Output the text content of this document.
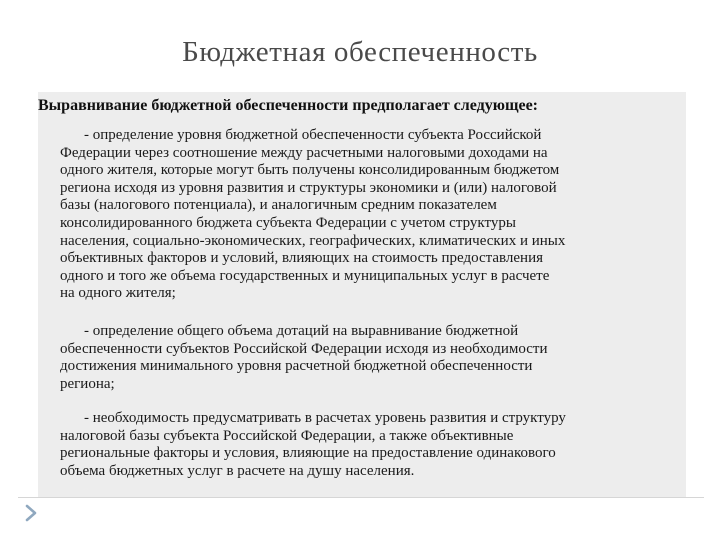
Бюджетная обеспеченность
Выравнивание бюджетной обеспеченности предполагает следующее:
- определение уровня бюджетной обеспеченности субъекта Российской
Федерации через соотношение между расчетными налоговыми доходами на
одного жителя, которые могут быть получены консолидированным бюджетом
региона исходя из уровня развития и структуры экономики и (или) налоговой
базы (налогового потенциала), и аналогичным средним показателем
консолидированного бюджета субъекта Федерации с учетом структуры
населения, социально-экономических, географических, климатических и иных
объективных факторов и условий, влияющих на стоимость предоставления
одного и того же объема государственных и муниципальных услуг в расчете
на одного жителя;
- определение общего объема дотаций на выравнивание бюджетной
обеспеченности субъектов Российской Федерации исходя из необходимости
достижения минимального уровня расчетной бюджетной обеспеченности
региона;
- необходимость предусматривать в расчетах уровень развития и структуру
налоговой базы субъекта Российской Федерации, а также объективные
региональные факторы и условия, влияющие на предоставление одинакового
объема бюджетных услуг в расчете на душу населения.
